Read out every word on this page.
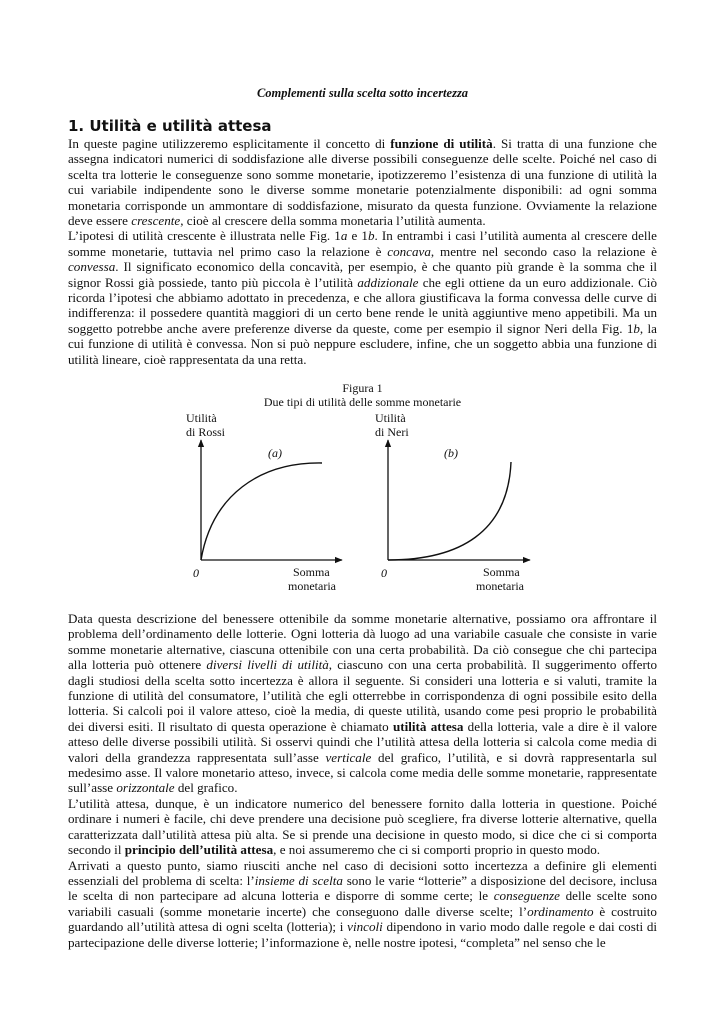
Complementi sulla scelta sotto incertezza
1. Utilità e utilità attesa
In queste pagine utilizzeremo esplicitamente il concetto di funzione di utilità. Si tratta di una funzione che assegna indicatori numerici di soddisfazione alle diverse possibili conseguenze delle scelte. Poiché nel caso di scelta tra lotterie le conseguenze sono somme monetarie, ipotizzeremo l’esistenza di una funzione di utilità la cui variabile indipendente sono le diverse somme monetarie potenzialmente disponibili: ad ogni somma monetaria corrisponde un ammontare di soddisfazione, misurato da questa funzione. Ovviamente la relazione deve essere crescente, cioè al crescere della somma monetaria l’utilità aumenta.
L’ipotesi di utilità crescente è illustrata nelle Fig. 1a e 1b. In entrambi i casi l’utilità aumenta al crescere delle somme monetarie, tuttavia nel primo caso la relazione è concava, mentre nel secondo caso la relazione è convessa. Il significato economico della concavità, per esempio, è che quanto più grande è la somma che il signor Rossi già possiede, tanto più piccola è l’utilità addizionale che egli ottiene da un euro addizionale. Ciò ricorda l’ipotesi che abbiamo adottato in precedenza, e che allora giustificava la forma convessa delle curve di indifferenza: il possedere quantità maggiori di un certo bene rende le unità aggiuntive meno appetibili. Ma un soggetto potrebbe anche avere preferenze diverse da queste, come per esempio il signor Neri della Fig. 1b, la cui funzione di utilità è convessa. Non si può neppure escludere, infine, che un soggetto abbia una funzione di utilità lineare, cioè rappresentata da una retta.
Figura 1
Due tipi di utilità delle somme monetarie
Utilità
di Rossi
(a)
0	Somma
monetaria
Utilità
di Neri
(b)
0	Somma
monetaria
Data questa descrizione del benessere ottenibile da somme monetarie alternative, possiamo ora affrontare il problema dell’ordinamento delle lotterie. Ogni lotteria dà luogo ad una variabile casuale che consiste in varie somme monetarie alternative, ciascuna ottenibile con una certa probabilità. Da ciò consegue che chi partecipa alla lotteria può ottenere diversi livelli di utilità, ciascuno con una certa probabilità. Il suggerimento offerto dagli studiosi della scelta sotto incertezza è allora il seguente. Si consideri una lotteria e si valuti, tramite la funzione di utilità del consumatore, l’utilità che egli otterrebbe in corrispondenza di ogni possibile esito della lotteria. Si calcoli poi il valore atteso, cioè la media, di queste utilità, usando come pesi proprio le probabilità dei diversi esiti. Il risultato di questa operazione è chiamato utilità attesa della lotteria, vale a dire è il valore atteso delle diverse possibili utilità. Si osservi quindi che l’utilità attesa della lotteria si calcola come media di valori della grandezza rappresentata sull’asse verticale del grafico, l’utilità, e si dovrà rappresentarla sul medesimo asse. Il valore monetario atteso, invece, si calcola come media delle somme monetarie, rappresentate sull’asse orizzontale del grafico.
L’utilità attesa, dunque, è un indicatore numerico del benessere fornito dalla lotteria in questione. Poiché ordinare i numeri è facile, chi deve prendere una decisione può scegliere, fra diverse lotterie alternative, quella caratterizzata dall’utilità attesa più alta. Se si prende una decisione in questo modo, si dice che ci si comporta secondo il principio dell’utilità attesa, e noi assumeremo che ci si comporti proprio in questo modo.
Arrivati a questo punto, siamo riusciti anche nel caso di decisioni sotto incertezza a definire gli elementi essenziali del problema di scelta: l’insieme di scelta sono le varie “lotterie” a disposizione del decisore, inclusa le scelta di non partecipare ad alcuna lotteria e disporre di somme certe; le conseguenze delle scelte sono variabili casuali (somme monetarie incerte) che conseguono dalle diverse scelte; l’ordinamento è costruito guardando all’utilità attesa di ogni scelta (lotteria); i vincoli dipendono in vario modo dalle regole e dai costi di partecipazione delle diverse lotterie; l’informazione è, nelle nostre ipotesi, “completa” nel senso che le
